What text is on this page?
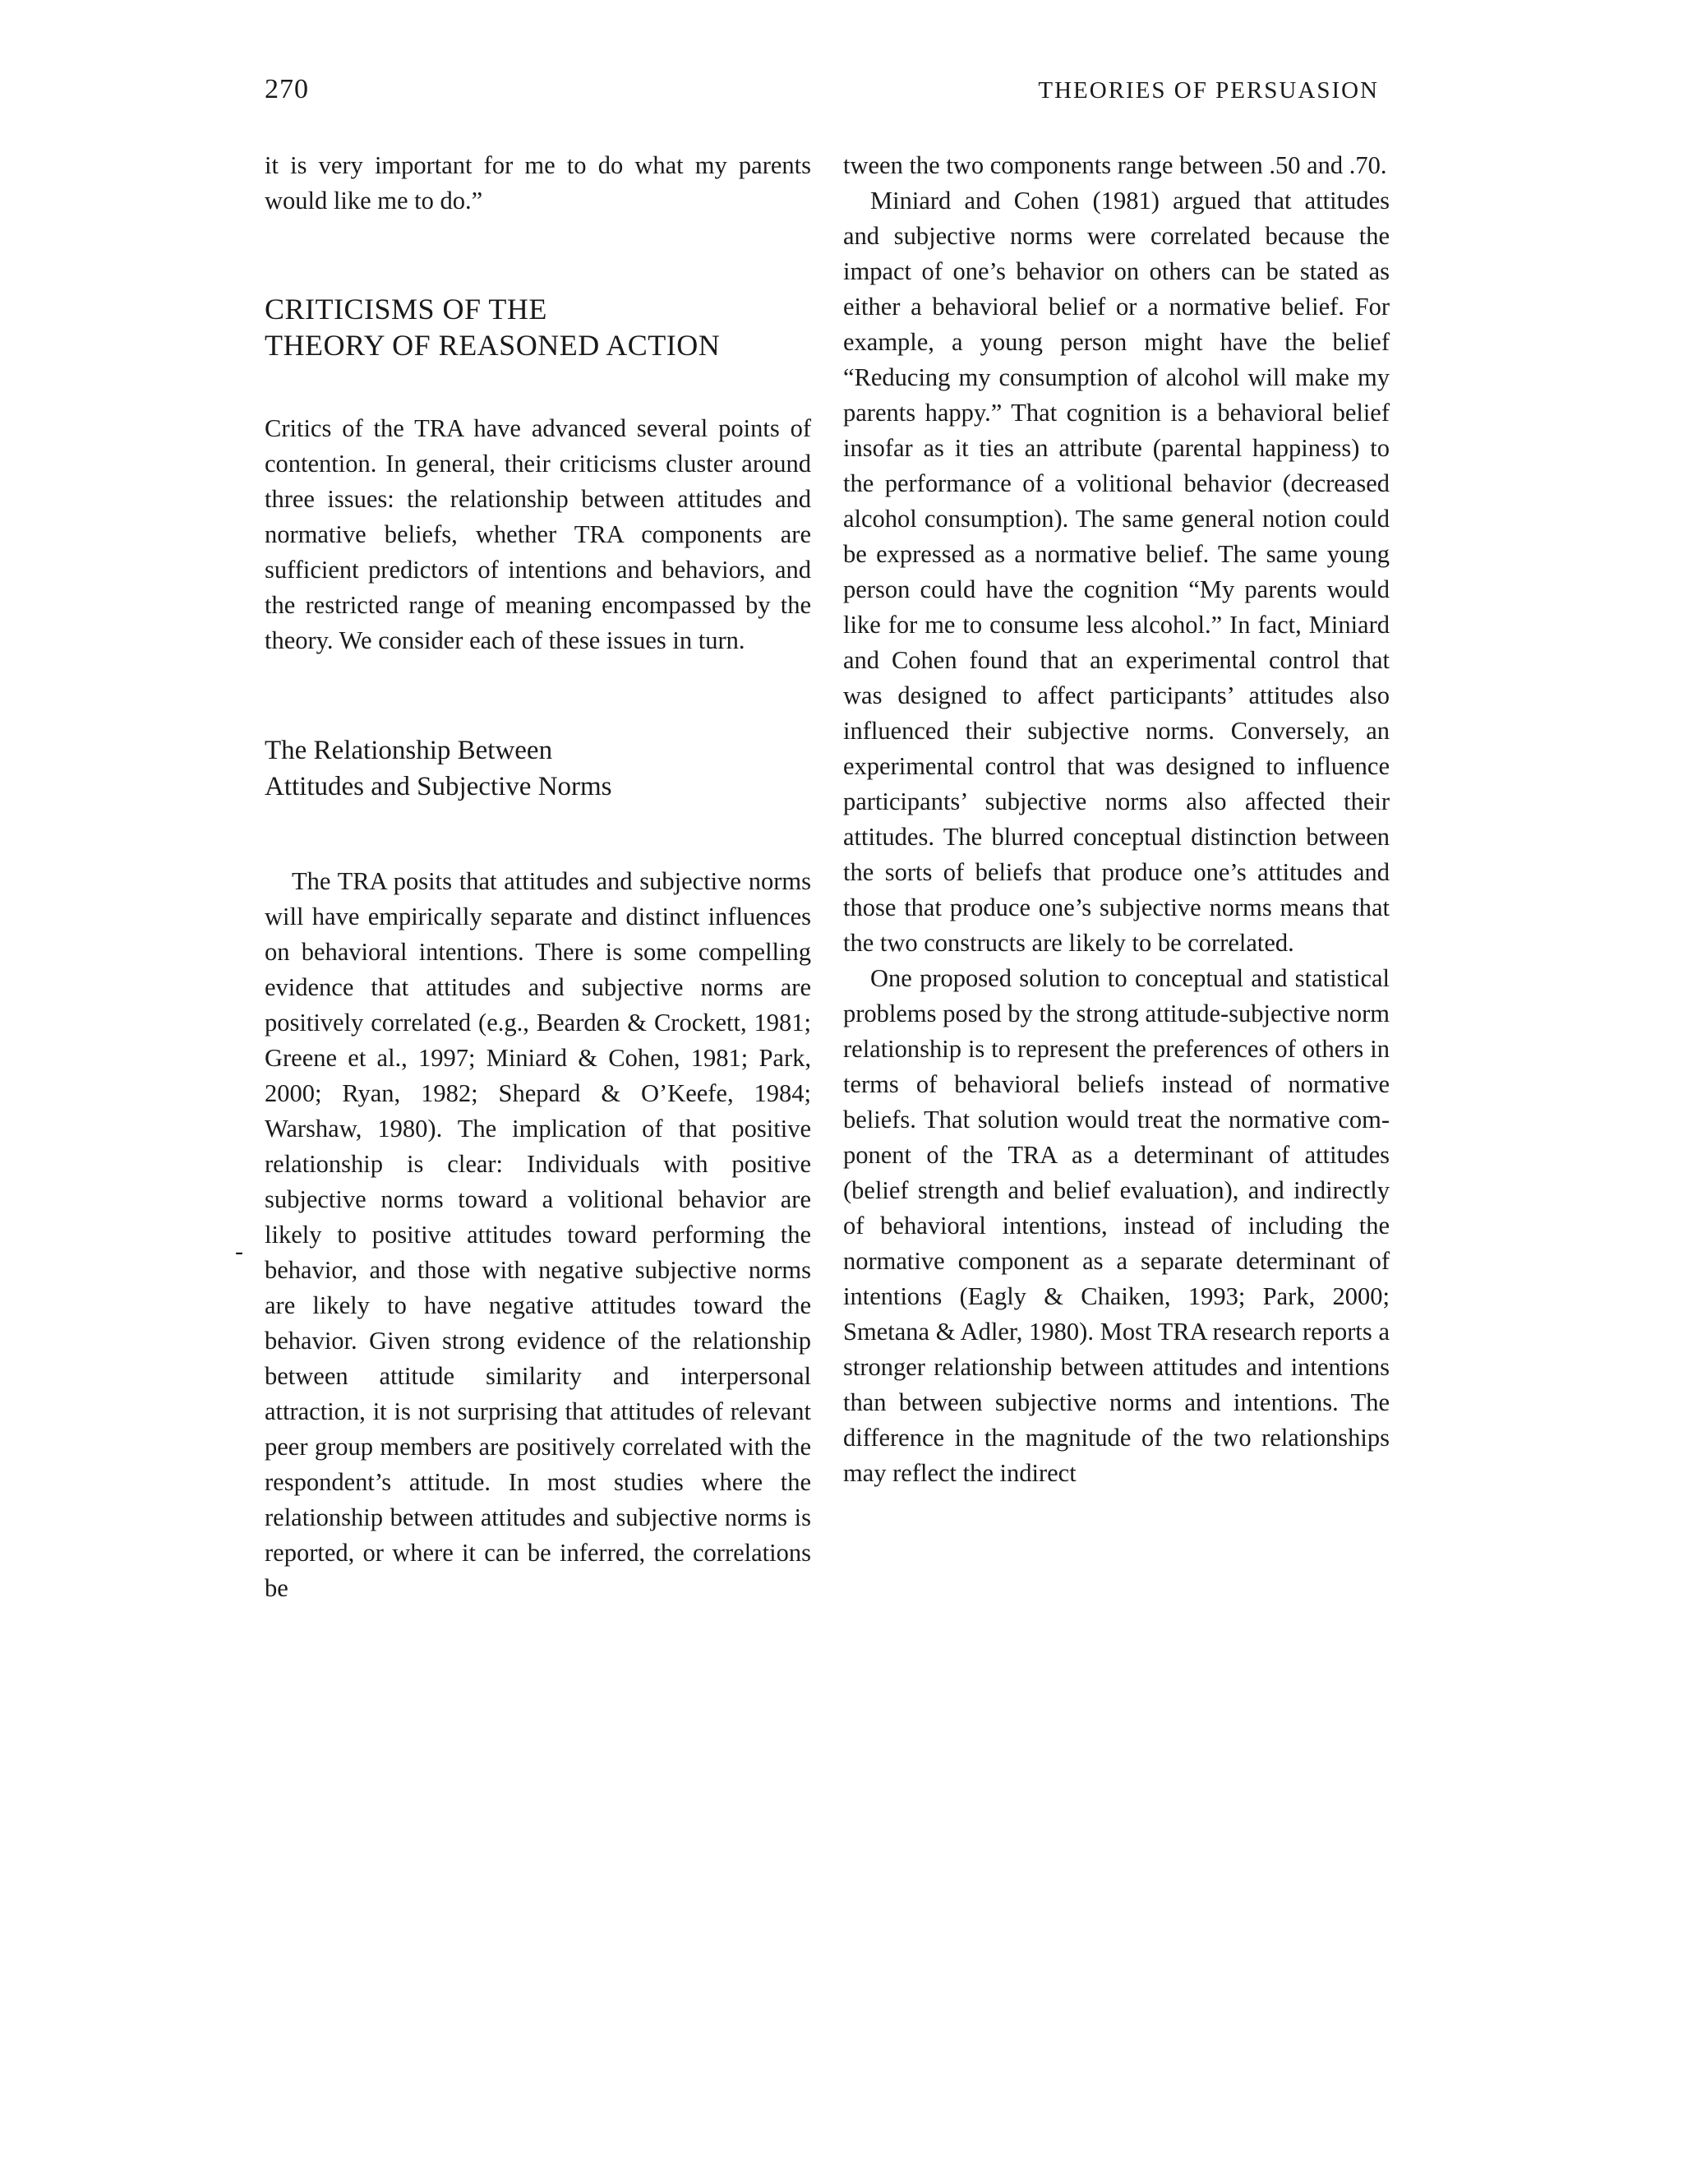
270	THEORIES OF PERSUASION
-

it is very important for me to do what my parents would like me to do.”

CRITICISMS OF THE
THEORY OF REASONED ACTION

Critics of the TRA have advanced several points of contention. In general, their criticisms cluster around three issues: the relationship between attitudes and normative beliefs, whether TRA components are sufficient predictors of intentions and behaviors, and the restricted range of meaning encompassed by the theory. We consider each of these issues in turn.

The Relationship Between
Attitudes and Subjective Norms

The TRA posits that attitudes and subjective norms will have empirically separate and distinct influences on behavioral intentions. There is some compelling evidence that attitudes and subjective norms are positively correlated (e.g., Bearden & Crockett, 1981; Greene et al., 1997; Miniard & Cohen, 1981; Park, 2000; Ryan, 1982; Shepard & O’Keefe, 1984; Warshaw, 1980). The implication of that positive relationship is clear: Individuals with positive subjective norms toward a volitional behavior are likely to positive attitudes toward performing the behavior, and those with negative subjective norms are likely to have negative attitudes toward the behavior. Given strong evidence of the relationship between attitude similarity and interpersonal attraction, it is not surprising that attitudes of relevant peer group members are positively correlated with the respondent’s attitude. In most studies where the relationship between attitudes and subjective norms is reported, or where it can be inferred, the correlations be

tween the two components range between .50 and .70.

Miniard and Cohen (1981) argued that attitudes and subjective norms were correlated because the impact of one’s behavior on others can be stated as either a behavioral belief or a normative belief. For example, a young person might have the belief “Reducing my consumption of alcohol will make my parents happy.” That cognition is a behavioral belief insofar as it ties an attribute (parental happiness) to the performance of a volitional behavior (decreased alcohol consumption). The same general notion could be expressed as a normative belief. The same young person could have the cognition “My parents would like for me to consume less alcohol.” In fact, Miniard and Cohen found that an experimental control that was designed to affect participants’ attitudes also influenced their subjective norms. Conversely, an experimental control that was designed to influence participants’ subjective norms also affected their attitudes. The blurred conceptual distinction between the sorts of beliefs that produce one’s attitudes and those that produce one’s subjective norms means that the two constructs are likely to be correlated.

One proposed solution to conceptual and statistical problems posed by the strong attitude-subjective norm relationship is to represent the preferences of others in terms of behavioral beliefs instead of normative beliefs. That solution would treat the normative component of the TRA as a determinant of attitudes (belief strength and belief evaluation), and indirectly of behavioral intentions, instead of including the normative component as a separate determinant of intentions (Eagly & Chaiken, 1993; Park, 2000; Smetana & Adler, 1980). Most TRA research reports a stronger relationship between attitudes and intentions than between subjective norms and intentions. The difference in the magnitude of the two relationships may reflect the indirect
